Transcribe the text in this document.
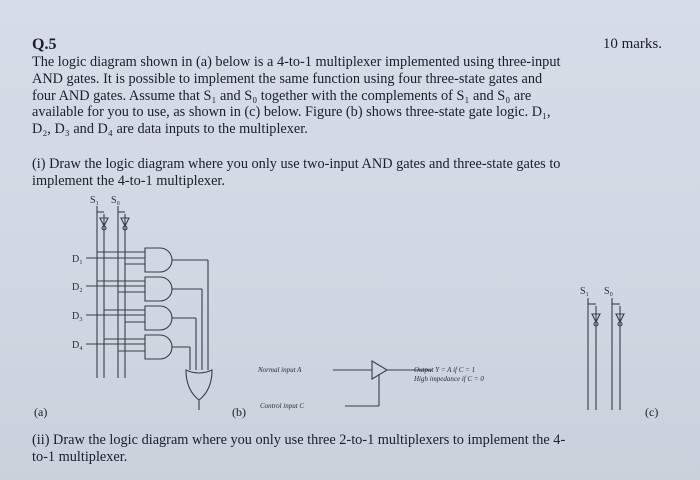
Q.5	10 marks.

The logic diagram shown in (a) below is a 4-to-1 multiplexer implemented using three-input

AND gates. It is possible to implement the same function using four three-state gates and

four AND gates. Assume that S₁ and S₀ together with the complements of S₁ and S₀ are

available for you to use, as shown in (c) below. Figure (b) shows three-state gate logic. D₁,

D₂, D₃ and D₄ are data inputs to the multiplexer.

(i) Draw the logic diagram where you only use two-input AND gates and three-state gates to

implement the 4-to-1 multiplexer.

S₁ S₀
D₁
D₂
D₃
D₄
(a)
Normal input A	Output Y = A if C = 1
High impedance if C = 0
Control input C
(b)
S₁ S₀
(c)

(ii) Draw the logic diagram where you only use three 2-to-1 multiplexers to implement the 4-

to-1 multiplexer.
